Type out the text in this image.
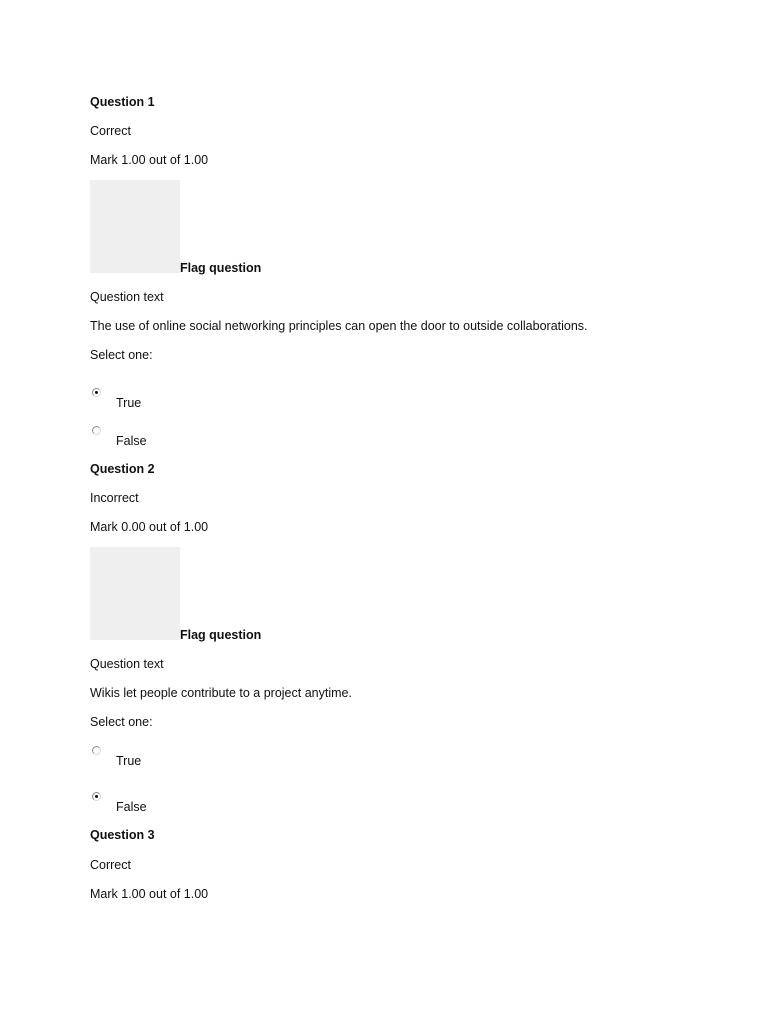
Question 1
Correct
Mark 1.00 out of 1.00
Flag question
Question text
The use of online social networking principles can open the door to outside collaborations.
Select one:
True
False
Question 2
Incorrect
Mark 0.00 out of 1.00
Flag question
Question text
Wikis let people contribute to a project anytime.
Select one:
True
False
Question 3
Correct
Mark 1.00 out of 1.00
